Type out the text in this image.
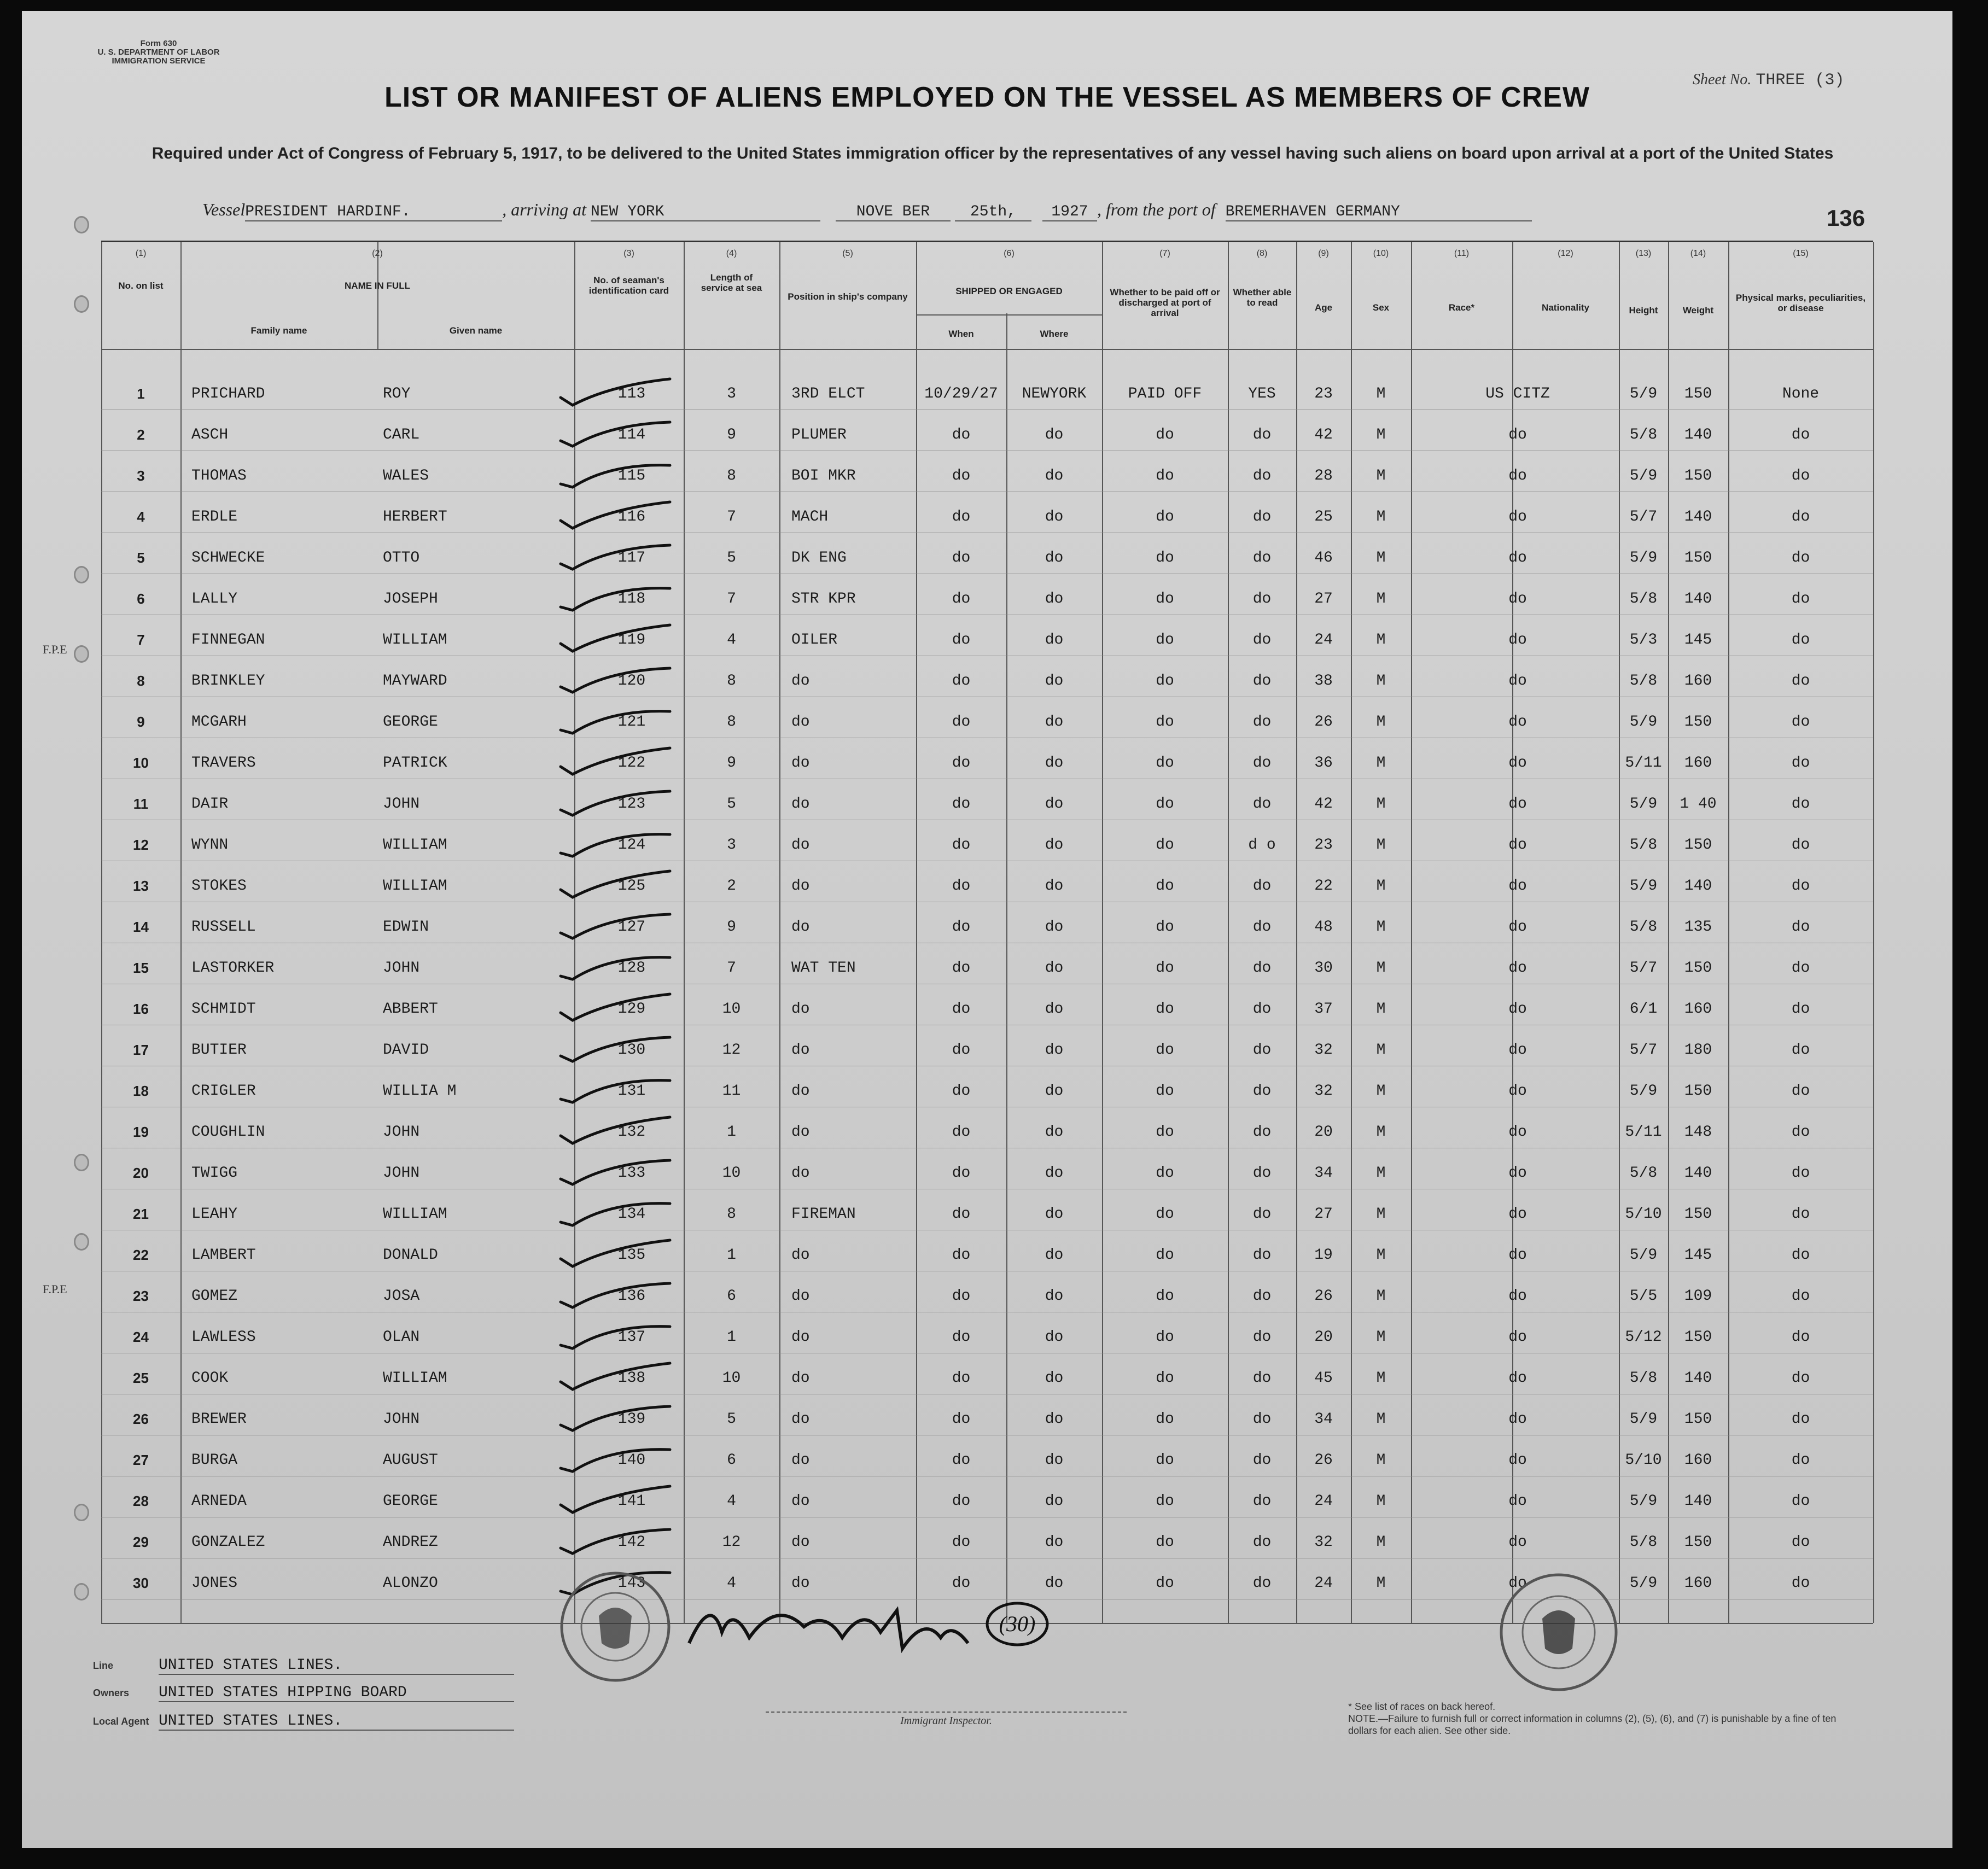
Form 630
U. S. DEPARTMENT OF LABOR
IMMIGRATION SERVICE
Sheet No. THREE (3)
LIST OR MANIFEST OF ALIENS EMPLOYED ON THE VESSEL AS MEMBERS OF CREW
Required under Act of Congress of February 5, 1917, to be delivered to the United States immigration officer by the representatives of any vessel having such aliens on board upon arrival at a port of the United States
VesselPRESIDENT HARDINF.	, arriving at NEW YORK	NOVE BER	25th, 1927 , from the port of BREMERHAVEN GERMANY	136
F.P.E
F.P.E
(1)	(2)	(3)	(4)	(5)	(6)	(7)	(8)	(9)	(10)	(11)	(12)	(13)	(14)	(15)
No. on list	NAME IN FULL
Family name	Given name
No. of seaman's identification card
Length of service at sea
Position in ship's company
SHIPPED OR ENGAGED
When	Where
Whether to be paid off or discharged at port of arrival
Whether able to read	Age	Sex	Race*	Nationality	Height	Weight
Physical marks, peculiarities, or disease
1	PRICHARD	ROY	113	3	3RD ELCT	10/29/27	NEWYORK	PAID OFF	YES	23	M	US CITZ	5/9	150	None
2	ASCH	CARL	114	9	PLUMER	do	do	do	do	42	M	do	5/8	140	do
3	THOMAS	WALES	115	8	BOI MKR	do	do	do	do	28	M	do	5/9	150	do
4	ERDLE	HERBERT	116	7	MACH	do	do	do	do	25	M	do	5/7	140	do
5	SCHWECKE	OTTO	117	5	DK ENG	do	do	do	do	46	M	do	5/9	150	do
6	LALLY	JOSEPH	118	7	STR KPR	do	do	do	do	27	M	do	5/8	140	do
7	FINNEGAN	WILLIAM	119	4	OILER	do	do	do	do	24	M	do	5/3	145	do
8	BRINKLEY	MAYWARD	120	8	do	do	do	do	do	38	M	do	5/8	160	do
9	MCGARH	GEORGE	121	8	do	do	do	do	do	26	M	do	5/9	150	do
10	TRAVERS	PATRICK	122	9	do	do	do	do	do	36	M	do	5/11	160	do
11	DAIR	JOHN	123	5	do	do	do	do	do	42	M	do	5/9	1 40	do
12	WYNN	WILLIAM	124	3	do	do	do	do	d o	23	M	do	5/8	150	do
13	STOKES	WILLIAM	125	2	do	do	do	do	do	22	M	do	5/9	140	do
14	RUSSELL	EDWIN	127	9	do	do	do	do	do	48	M	do	5/8	135	do
15	LASTORKER	JOHN	128	7	WAT TEN	do	do	do	do	30	M	do	5/7	150	do
16	SCHMIDT	ABBERT	129	10	do	do	do	do	do	37	M	do	6/1	160	do
17	BUTIER	DAVID	130	12	do	do	do	do	do	32	M	do	5/7	180	do
18	CRIGLER	WILLIA M	131	11	do	do	do	do	do	32	M	do	5/9	150	do
19	COUGHLIN	JOHN	132	1	do	do	do	do	do	20	M	do	5/11	148	do
20	TWIGG	JOHN	133	10	do	do	do	do	do	34	M	do	5/8	140	do
21	LEAHY	WILLIAM	134	8	FIREMAN	do	do	do	do	27	M	do	5/10	150	do
22	LAMBERT	DONALD	135	1	do	do	do	do	do	19	M	do	5/9	145	do
23	GOMEZ	JOSA	136	6	do	do	do	do	do	26	M	do	5/5	109	do
24	LAWLESS	OLAN	137	1	do	do	do	do	do	20	M	do	5/12	150	do
25	COOK	WILLIAM	138	10	do	do	do	do	do	45	M	do	5/8	140	do
26	BREWER	JOHN	139	5	do	do	do	do	do	34	M	do	5/9	150	do
27	BURGA	AUGUST	140	6	do	do	do	do	do	26	M	do	5/10	160	do
28	ARNEDA	GEORGE	141	4	do	do	do	do	do	24	M	do	5/9	140	do
29	GONZALEZ	ANDREZ	142	12	do	do	do	do	do	32	M	do	5/8	150	do
30	JONES	ALONZO	143	4	do	do	do	do	do	24	M	do	5/9	160	do
(30)
Line	UNITED STATES LINES.
Owners UNITED STATES HIPPING BOARD
Local Agent UNITED STATES LINES.	Immigrant Inspector.
* See list of races on back hereof.
NOTE.—Failure to furnish full or correct information in columns (2), (5), (6), and (7) is punishable by a fine of ten dollars for each alien. See other side.
